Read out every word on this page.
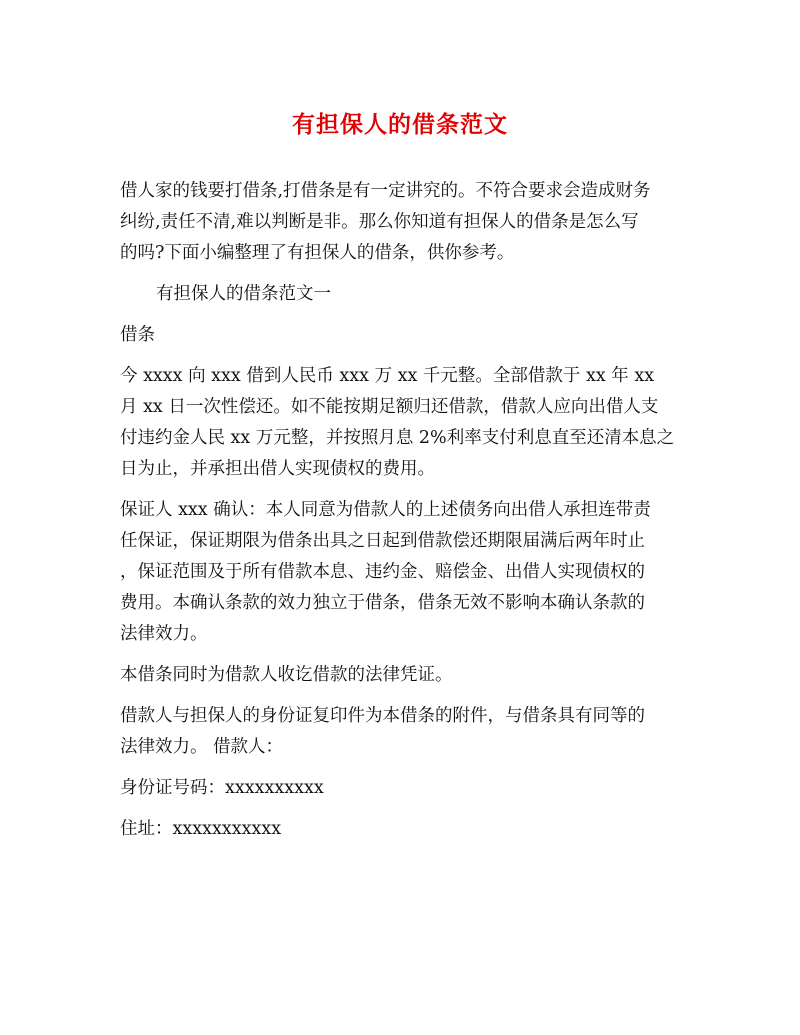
有担保人的借条范文
借人家的钱要打借条,打借条是有一定讲究的。不符合要求会造成财务
纠纷,责任不清,难以判断是非。那么你知道有担保人的借条是怎么写
的吗?下面小编整理了有担保人的借条，供你参考。
有担保人的借条范文一
借条
今 xxxx 向 xxx 借到人民币 xxx 万 xx 千元整。全部借款于 xx 年 xx
月 xx 日一次性偿还。如不能按期足额归还借款，借款人应向出借人支
付违约金人民 xx 万元整，并按照月息 2%利率支付利息直至还清本息之
日为止，并承担出借人实现债权的费用。
保证人 xxx 确认：本人同意为借款人的上述债务向出借人承担连带责
任保证，保证期限为借条出具之日起到借款偿还期限届满后两年时止
，保证范围及于所有借款本息、违约金、赔偿金、出借人实现债权的
费用。本确认条款的效力独立于借条，借条无效不影响本确认条款的
法律效力。
本借条同时为借款人收讫借款的法律凭证。
借款人与担保人的身份证复印件为本借条的附件，与借条具有同等的
法律效力。 借款人：
身份证号码：xxxxxxxxxx
住址：xxxxxxxxxxx
